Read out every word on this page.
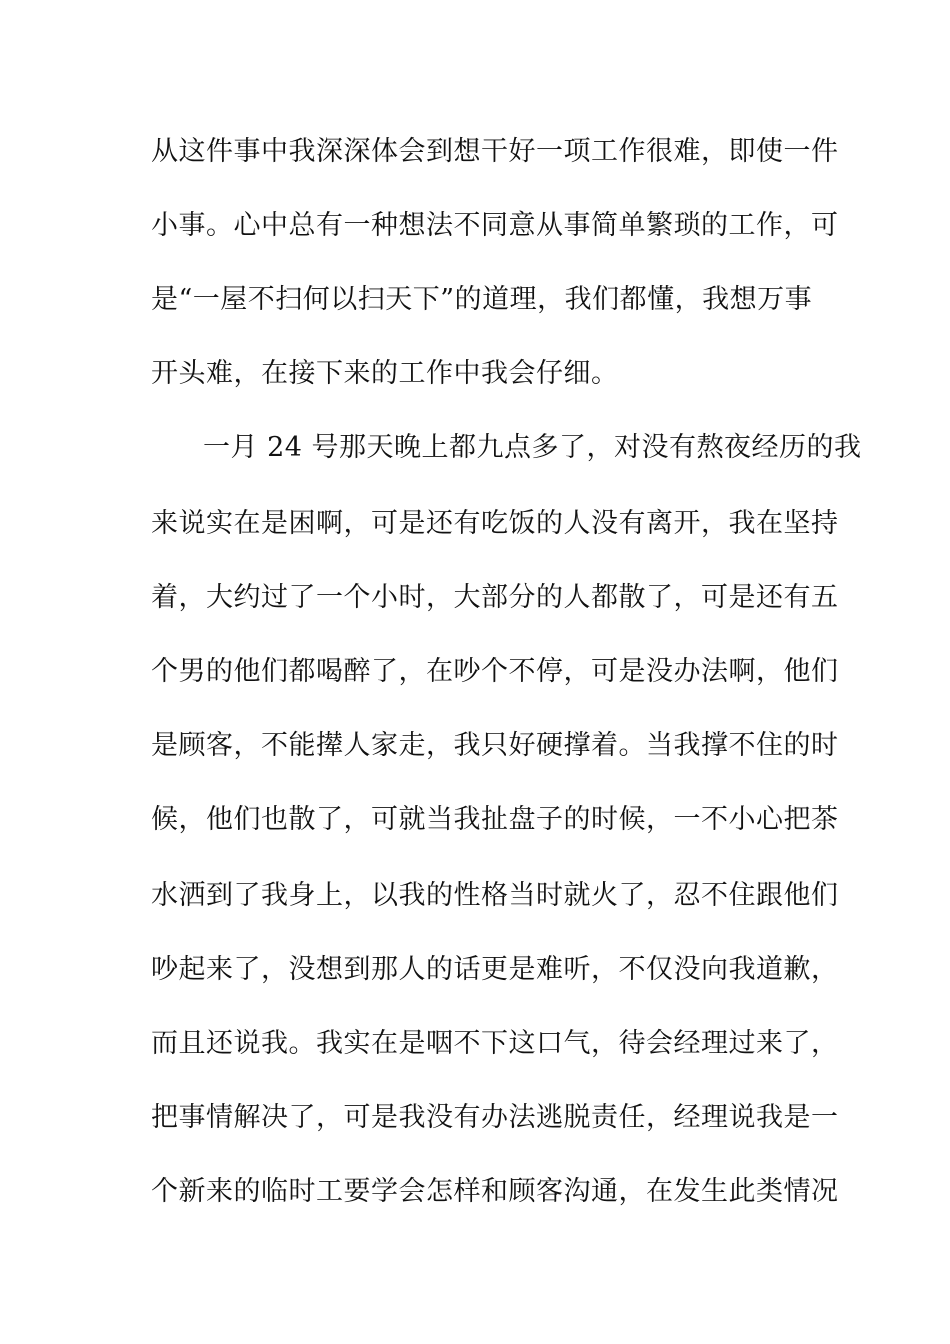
从这件事中我深深体会到想干好一项工作很难，即使一件
小事。心中总有一种想法不同意从事简单繁琐的工作，可
是“一屋不扫何以扫天下”的道理，我们都懂，我想万事
开头难，在接下来的工作中我会仔细。
一月 24 号那天晚上都九点多了，对没有熬夜经历的我
来说实在是困啊，可是还有吃饭的人没有离开，我在坚持
着，大约过了一个小时，大部分的人都散了，可是还有五
个男的他们都喝醉了，在吵个不停，可是没办法啊，他们
是顾客，不能撵人家走，我只好硬撑着。当我撑不住的时
候，他们也散了，可就当我扯盘子的时候，一不小心把茶
水洒到了我身上，以我的性格当时就火了，忍不住跟他们
吵起来了，没想到那人的话更是难听，不仅没向我道歉，
而且还说我。我实在是咽不下这口气，待会经理过来了，
把事情解决了，可是我没有办法逃脱责任，经理说我是一
个新来的临时工要学会怎样和顾客沟通，在发生此类情况
